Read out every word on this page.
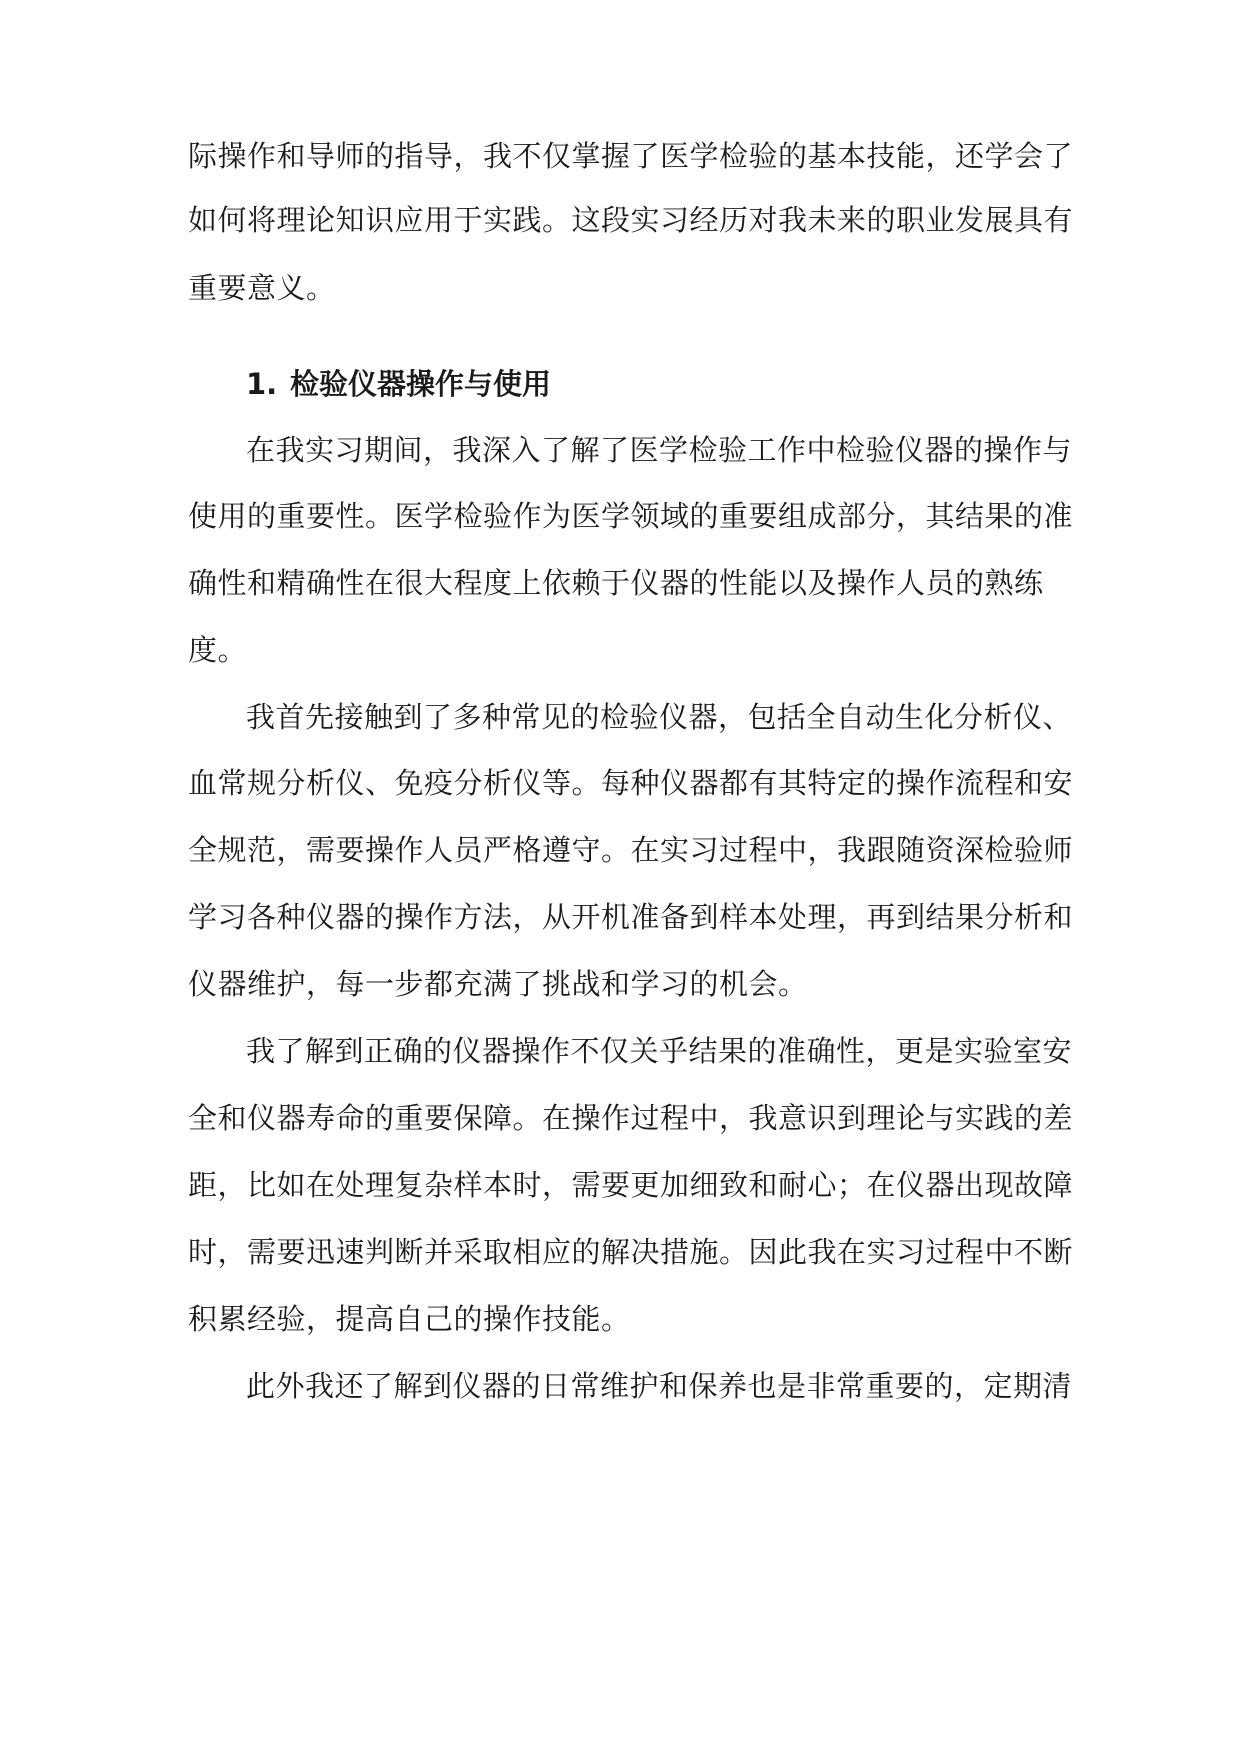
际操作和导师的指导，我不仅掌握了医学检验的基本技能，还学会了
如何将理论知识应用于实践。这段实习经历对我未来的职业发展具有
重要意义。
1. 检验仪器操作与使用
在我实习期间，我深入了解了医学检验工作中检验仪器的操作与
使用的重要性。医学检验作为医学领域的重要组成部分，其结果的准
确性和精确性在很大程度上依赖于仪器的性能以及操作人员的熟练
度。
我首先接触到了多种常见的检验仪器，包括全自动生化分析仪、
血常规分析仪、免疫分析仪等。每种仪器都有其特定的操作流程和安
全规范，需要操作人员严格遵守。在实习过程中，我跟随资深检验师
学习各种仪器的操作方法，从开机准备到样本处理，再到结果分析和
仪器维护，每一步都充满了挑战和学习的机会。
我了解到正确的仪器操作不仅关乎结果的准确性，更是实验室安
全和仪器寿命的重要保障。在操作过程中，我意识到理论与实践的差
距，比如在处理复杂样本时，需要更加细致和耐心；在仪器出现故障
时，需要迅速判断并采取相应的解决措施。因此我在实习过程中不断
积累经验，提高自己的操作技能。
此外我还了解到仪器的日常维护和保养也是非常重要的，定期清
